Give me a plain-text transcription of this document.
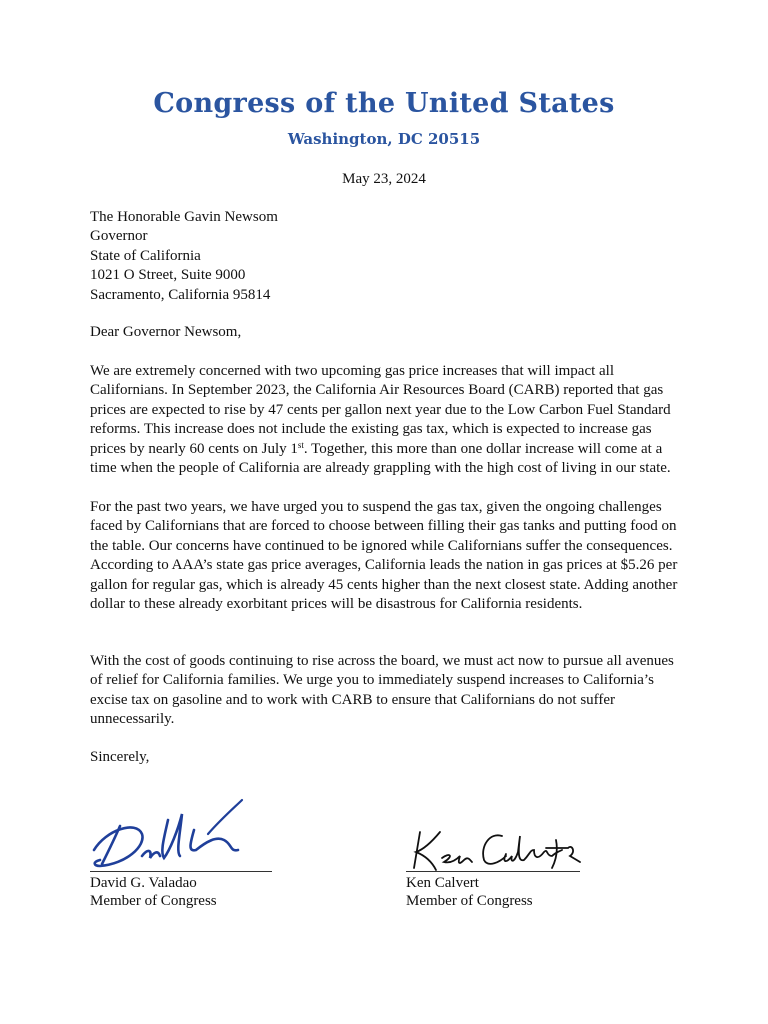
Congress of the United States
Washington, DC 20515
May 23, 2024
The Honorable Gavin Newsom
Governor
State of California
1021 O Street, Suite 9000
Sacramento, California 95814
Dear Governor Newsom,
We are extremely concerned with two upcoming gas price increases that will impact all Californians. In September 2023, the California Air Resources Board (CARB) reported that gas prices are expected to rise by 47 cents per gallon next year due to the Low Carbon Fuel Standard reforms. This increase does not include the existing gas tax, which is expected to increase gas prices by nearly 60 cents on July 1st. Together, this more than one dollar increase will come at a time when the people of California are already grappling with the high cost of living in our state.
For the past two years, we have urged you to suspend the gas tax, given the ongoing challenges faced by Californians that are forced to choose between filling their gas tanks and putting food on the table. Our concerns have continued to be ignored while Californians suffer the consequences. According to AAA’s state gas price averages, California leads the nation in gas prices at $5.26 per gallon for regular gas, which is already 45 cents higher than the next closest state. Adding another dollar to these already exorbitant prices will be disastrous for California residents.
With the cost of goods continuing to rise across the board, we must act now to pursue all avenues of relief for California families. We urge you to immediately suspend increases to California’s excise tax on gasoline and to work with CARB to ensure that Californians do not suffer unnecessarily.
Sincerely,
David G. Valadao
Member of Congress
Ken Calvert
Member of Congress
